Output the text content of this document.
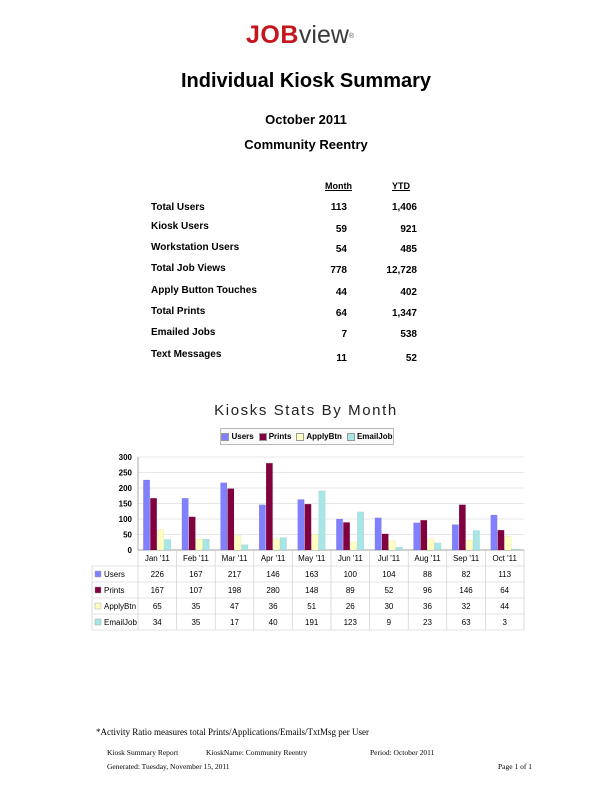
JOBview®
Individual Kiosk Summary
October 2011
Community Reentry
Month	YTD
Total Users	113	1,406
Kiosk Users	59	921
Workstation Users	54	485
Total Job Views	778	12,728
Apply Button Touches	44	402
Total Prints	64	1,347
Emailed Jobs	7	538
Text Messages	11	52
Kiosks Stats By Month
Users Prints ApplyBtn EmailJob
0
50
100
150
200
250
300
Jan '11 Feb '11 Mar '11 Apr '11 May '11 Jun '11 Jul '11 Aug '11 Sep '11 Oct '11
Users	226	167	217	146	163	100	104	88	82	113
Prints	167	107	198	280	148	89	52	96	146	64
ApplyBtn 65	35	47	36	51	26	30	36	32	44
EmailJob 34	35	17	40	191	123	9	23	63	3
*Activity Ratio measures total Prints/Applications/Emails/TxtMsg per User
Kiosk Summary Report	KioskName: Community Reentry	Period: October 2011
Generated: Tuesday, November 15, 2011	Page 1 of 1
